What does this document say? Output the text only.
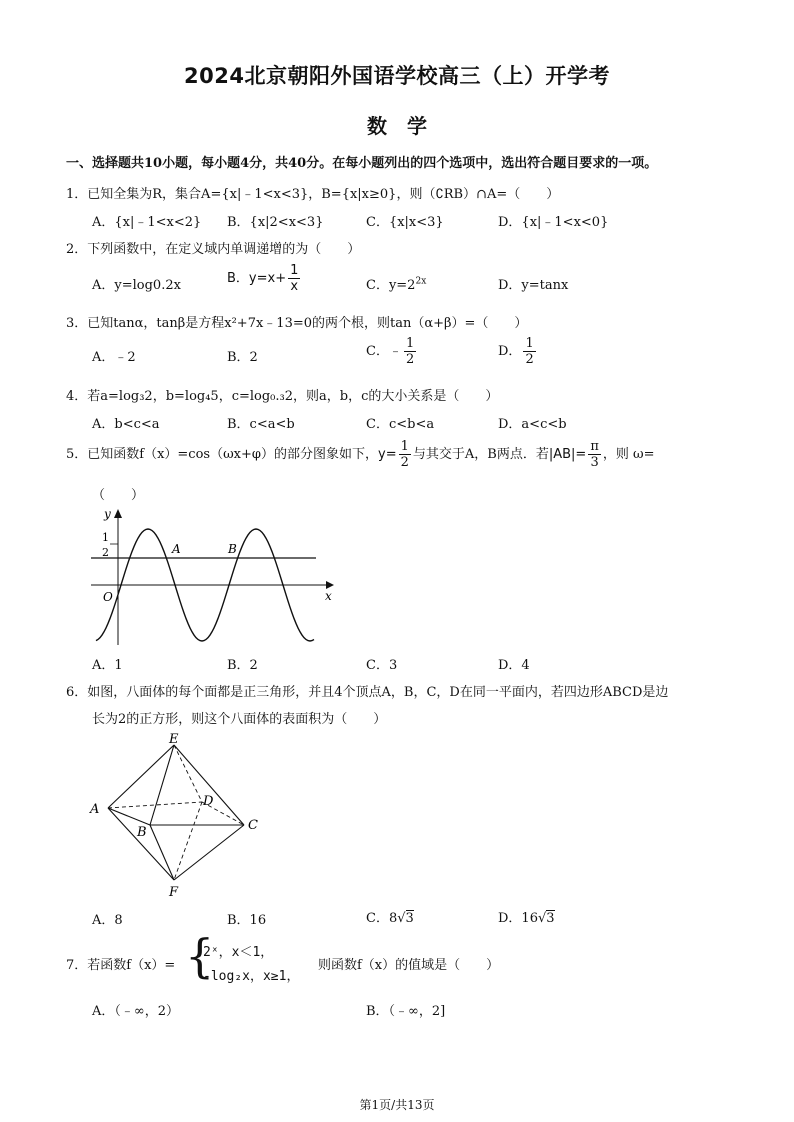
2024北京朝阳外国语学校高三（上）开学考
数　学
一、选择题共10小题，每小题4分，共40分。在每小题列出的四个选项中，选出符合题目要求的一项。
1．已知全集为R，集合A={x|﹣1<x<3}，B={x|x≥0}，则（∁RB）∩A=（　　）
A．{x|﹣1<x<2} B．{x|2<x<3}	C．{x|x<3}	D．{x|﹣1<x<0}
2．下列函数中，在定义域内单调递增的为（　　）
A．y=log0.2x	B．$y=x+ \frac{1}{x}$	C．$y=2^{2x}$	D．y=tanx
3．已知tanα，tanβ是方程x²+7x﹣13=0的两个根，则tan（α+β）=（　　）
A．﹣2	B．2	C．﹣ $\frac{1}{2}$	D． $\frac{1}{2}$
4．若a=log₃2，b=log₄5，c=log₀.₃2，则a，b，c的大小关系是（　　）
A．b<c<a	B．c<a<b	C．c<b<a	D．a<c<b
5．已知函数f（x）=cos（ωx+φ）的部分图象如下，$y= \frac{1}{2}$ 与其交于A，B两点．若$|AB|= \frac{\pi}{3}$ ，则 ω=
（　　）
y
x
O
A	B
1
2
A．1	B．2	C．3	D．4
6．如图，八面体的每个面都是正三角形，并且4个顶点A，B，C，D在同一平面内，若四边形ABCD是边
长为2的正方形，则这个八面体的表面积为（　　）
E
A
B	C
D
F
A．8	B．16	C．8√3	D．16√3
7．若函数f（x）= {
2ˣ，x＜1，
-log₂x，x≥1，
则函数f（x）的值域是（　　）
A．（﹣∞，2）	B．（﹣∞，2]
第1页/共13页
